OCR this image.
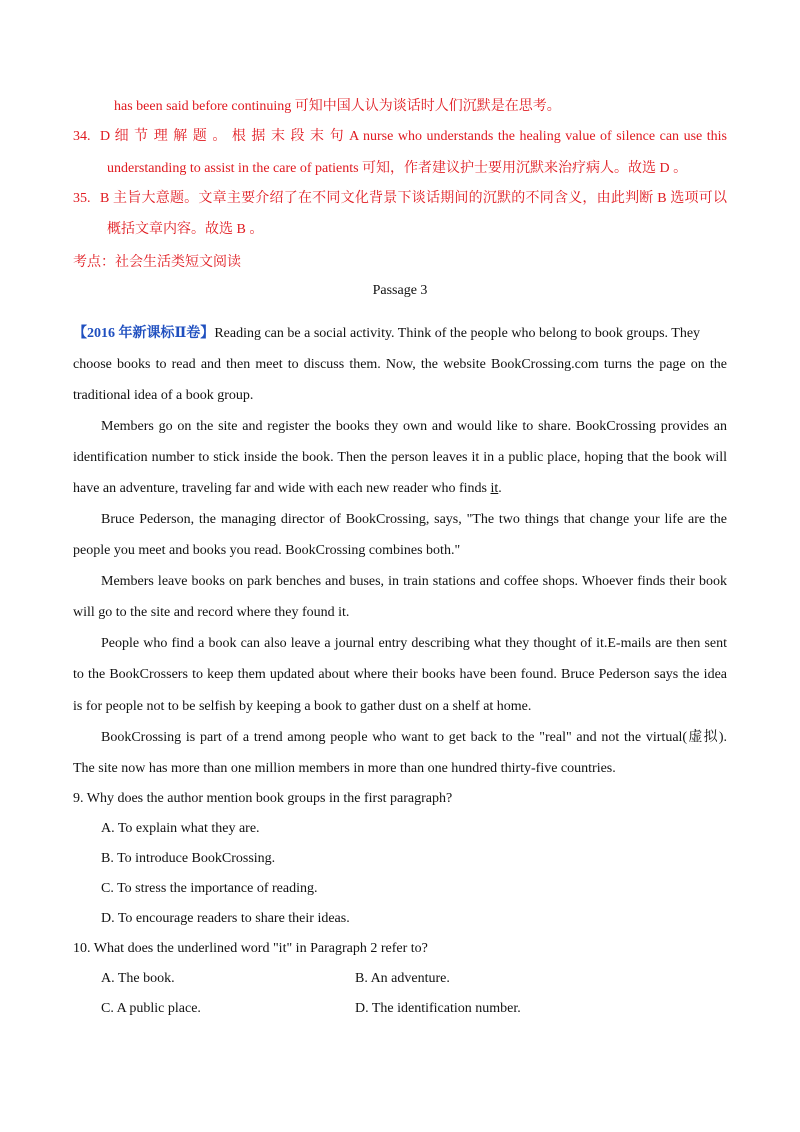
has been said before continuing 可知中国人认为谈话时人们沉默是在思考。
34. D 细 节 理 解 题 。 根 据 末 段 末 句 A nurse who understands the healing value of silence can use this
understanding to assist in the care of patients 可知，作者建议护士要用沉默来治疗病人。故选 D 。
35. B 主旨大意题。文章主要介绍了在不同文化背景下谈话期间的沉默的不同含义，由此判断 B 选项可以
概括文章内容。故选 B 。
考点：社会生活类短文阅读
Passage 3
【2016 年新课标Ⅱ卷】Reading can be a social activity. Think of the people who belong to book groups. They
choose books to read and then meet to discuss them. Now, the website BookCrossing.com turns the page on the
traditional idea of a book group.
Members go on the site and register the books they own and would like to share. BookCrossing provides an
identification number to stick inside the book. Then the person leaves it in a public place, hoping that the book will
have an adventure, traveling far and wide with each new reader who finds it.
Bruce Pederson, the managing director of BookCrossing, says, "The two things that change your life are the
people you meet and books you read. BookCrossing combines both."
Members leave books on park benches and buses, in train stations and coffee shops. Whoever finds their book
will go to the site and record where they found it.
People who find a book can also leave a journal entry describing what they thought of it.E-mails are then sent
to the BookCrossers to keep them updated about where their books have been found. Bruce Pederson says the idea
is for people not to be selfish by keeping a book to gather dust on a shelf at home.
BookCrossing is part of a trend among people who want to get back to the "real" and not the virtual(虚拟).
The site now has more than one million members in more than one hundred thirty-five countries.
9. Why does the author mention book groups in the first paragraph?
A. To explain what they are.
B. To introduce BookCrossing.
C. To stress the importance of reading.
D. To encourage readers to share their ideas.
10. What does the underlined word "it" in Paragraph 2 refer to?
A. The book.	B. An adventure.
C. A public place.	D. The identification number.
